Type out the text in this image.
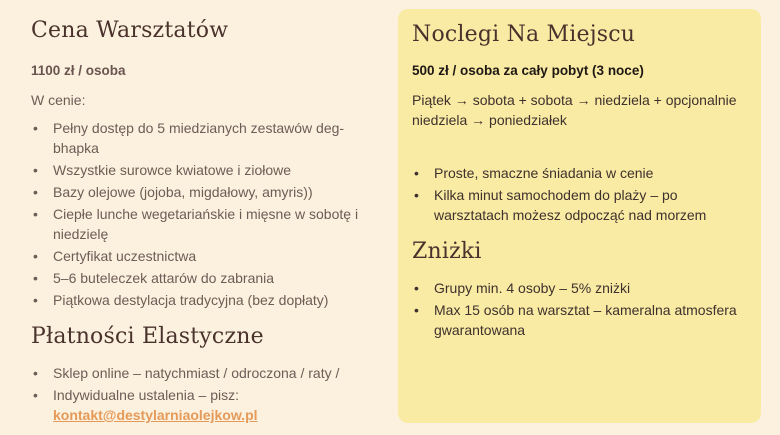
Cena Warsztatów

1100 zł / osoba

W cenie:

• Pełny dostęp do 5 miedzianych zestawów deg-bhapka
• Wszystkie surowce kwiatowe i ziołowe
• Bazy olejowe (jojoba, migdałowy, amyris))
• Ciepłe lunche wegetariańskie i mięsne w sobotę i niedzielę
• Certyfikat uczestnictwa
• 5–6 buteleczek attarów do zabrania
• Piątkowa destylacja tradycyjna (bez dopłaty)
Płatności Elastyczne
• Sklep online – natychmiast / odroczona / raty /
• Indywidualne ustalenia – pisz:
kontakt@destylarniaolejkow.pl
Noclegi Na Miejscu

500 zł / osoba za cały pobyt (3 noce)

Piątek → sobota + sobota → niedziela + opcjonalnie niedziela → poniedziałek

• Proste, smaczne śniadania w cenie
• Kilka minut samochodem do plaży – po warsztatach możesz odpocząć nad morzem
Zniżki
• Grupy min. 4 osoby – 5% zniżki
• Max 15 osób na warsztat – kameralna atmosfera gwarantowana
